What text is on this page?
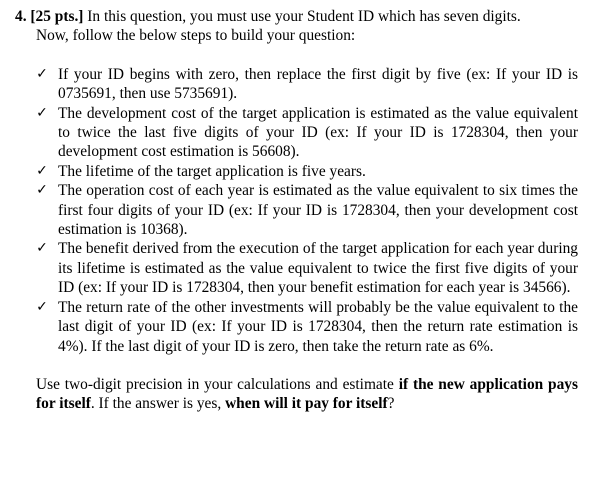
4. [25 pts.] In this question, you must use your Student ID which has seven digits.
Now, follow the below steps to build your question:
✓ If your ID begins with zero, then replace the first digit by five (ex: If your ID is 0735691, then use 5735691).
✓ The development cost of the target application is estimated as the value equivalent to twice the last five digits of your ID (ex: If your ID is 1728304, then your development cost estimation is 56608).
✓ The lifetime of the target application is five years.
✓ The operation cost of each year is estimated as the value equivalent to six times the first four digits of your ID (ex: If your ID is 1728304, then your development cost estimation is 10368).
✓ The benefit derived from the execution of the target application for each year during its lifetime is estimated as the value equivalent to twice the first five digits of your ID (ex: If your ID is 1728304, then your benefit estimation for each year is 34566).
✓ The return rate of the other investments will probably be the value equivalent to the last digit of your ID (ex: If your ID is 1728304, then the return rate estimation is 4%). If the last digit of your ID is zero, then take the return rate as 6%.
Use two-digit precision in your calculations and estimate if the new application pays for itself. If the answer is yes, when will it pay for itself?
